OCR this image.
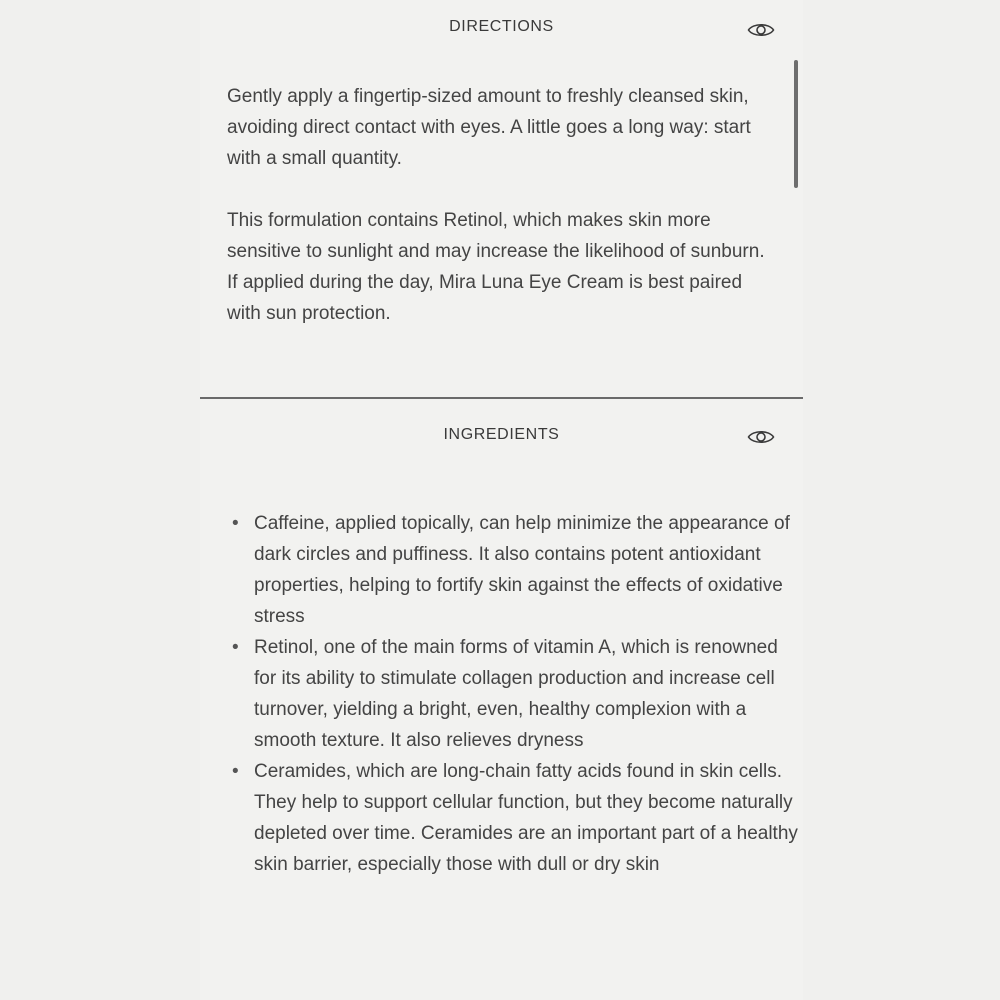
DIRECTIONS

Gently apply a fingertip-sized amount to freshly cleansed skin, avoiding direct contact with eyes. A little goes a long way: start with a small quantity.

This formulation contains Retinol, which makes skin more sensitive to sunlight and may increase the likelihood of sunburn. If applied during the day, Mira Luna Eye Cream is best paired with sun protection.

INGREDIENTS
• Caffeine, applied topically, can help minimize the appearance of dark circles and puffiness. It also contains potent antioxidant properties, helping to fortify skin against the effects of oxidative stress
• Retinol, one of the main forms of vitamin A, which is renowned for its ability to stimulate collagen production and increase cell turnover, yielding a bright, even, healthy complexion with a smooth texture. It also relieves dryness
• Ceramides, which are long-chain fatty acids found in skin cells. They help to support cellular function, but they become naturally depleted over time. Ceramides are an important part of a healthy skin barrier, especially those with dull or dry skin
